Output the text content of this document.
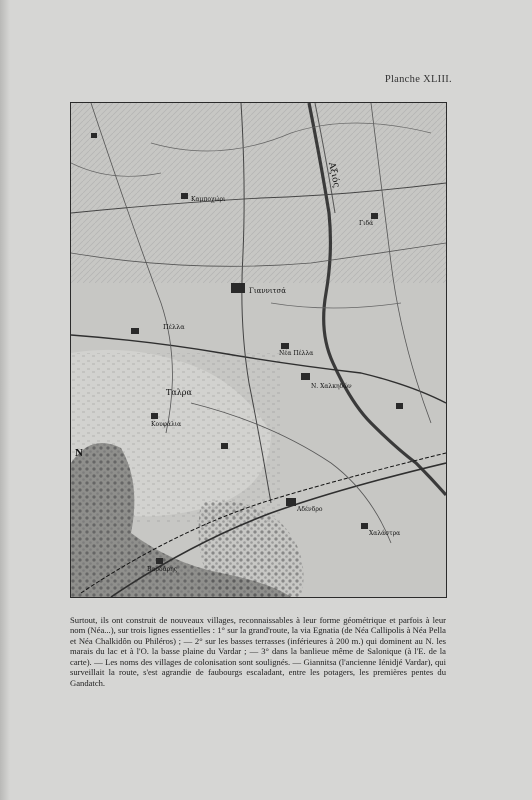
Planche XLIII.
Γιαννιτσά
Πέλλα
Νέα Πέλλα
Ν. Χαλκηδών
Αδένδρο
Χαλάστρα
Κουφάλια
Καμποχώρι
Γιδά
Βαρδάρης
Ταλρα
Αξιός
N

Surtout, ils ont construit de nouveaux villages, reconnaissables à leur forme géométrique et parfois à leur nom (Néa...), sur trois lignes essentielles : 1° sur la grand'route, la via Egnatia (de Néa Callipolis à Néa Pella et Néa Chalkidôn ou Philéros) ; — 2° sur les basses terrasses (inférieures à 200 m.) qui dominent au N. les marais du lac et à l'O. la basse plaine du Vardar ; — 3° dans la banlieue même de Salonique (à l'E. de la carte). — Les noms des villages de colonisation sont soulignés. — Giannitsa (l'ancienne Iénidjé Vardar), qui surveillait la route, s'est agrandie de faubourgs escaladant, entre les potagers, les premières pentes du Gandatch.
